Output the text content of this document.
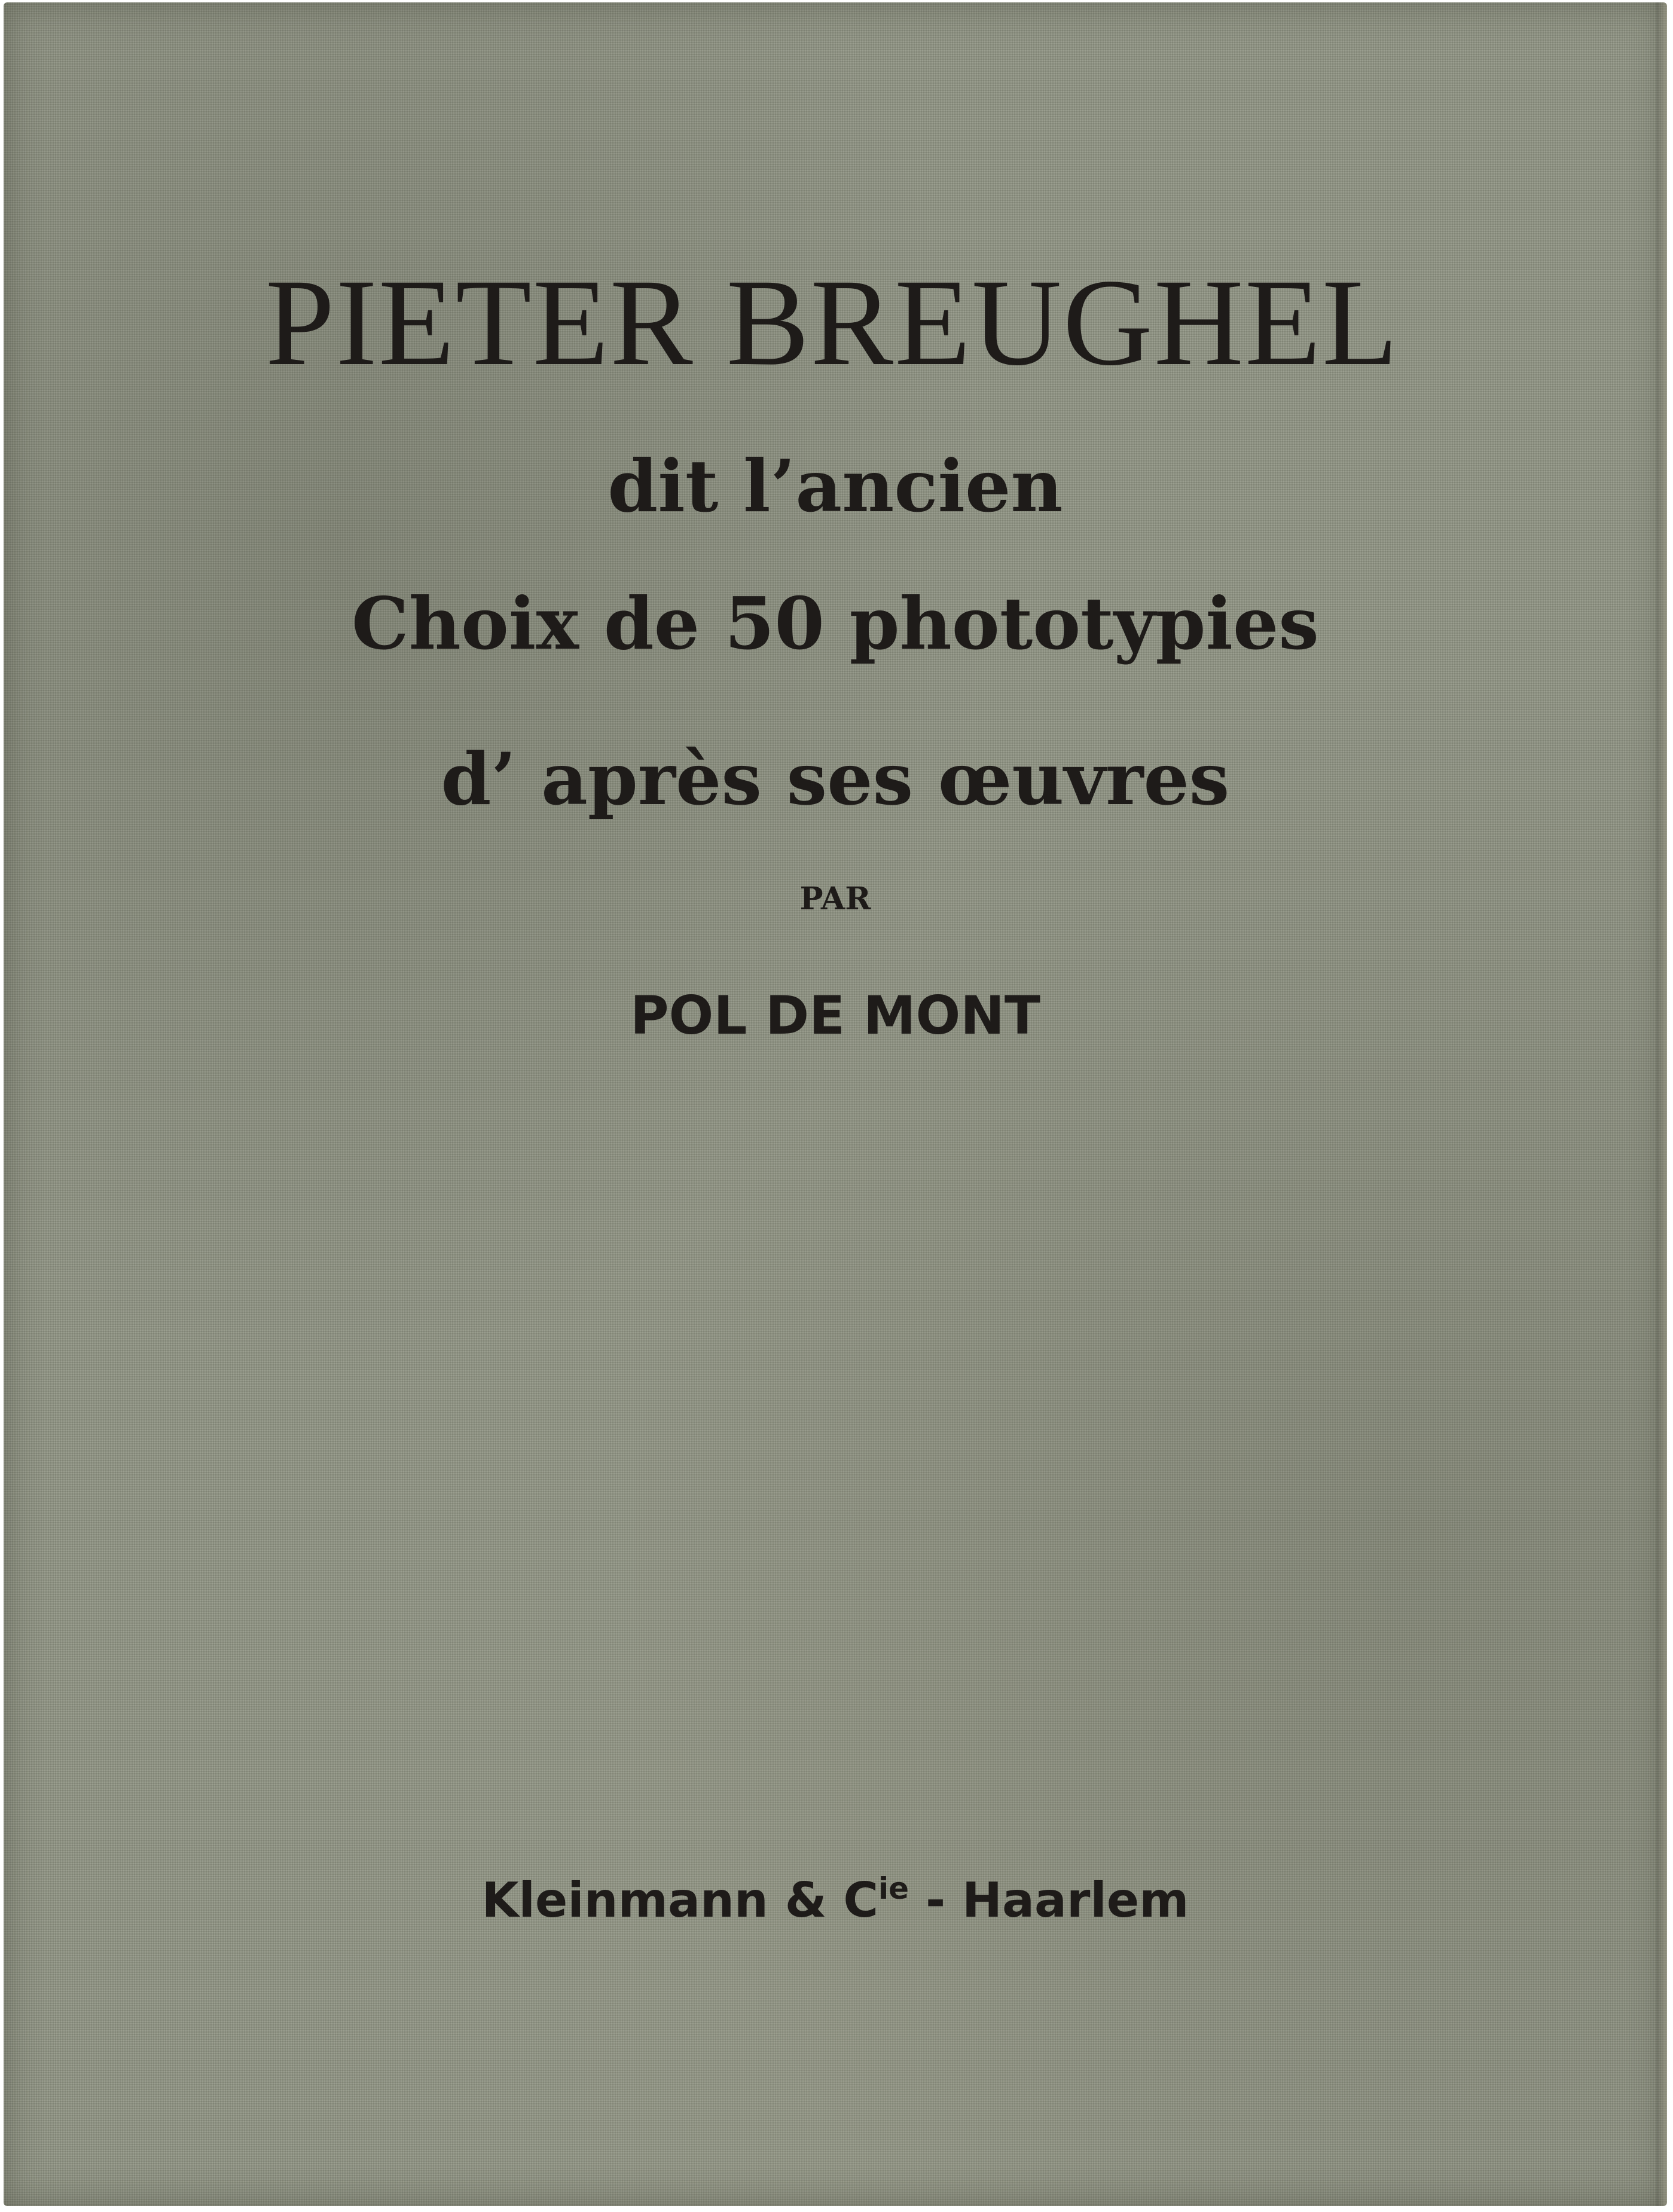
PIETER BREUGHEL
dit l’ancien
Choix de 50 phototypies
d’ après ses œuvres
PAR
POL DE MONT
Kleinmann & $C^{ie}$ - Haarlem
